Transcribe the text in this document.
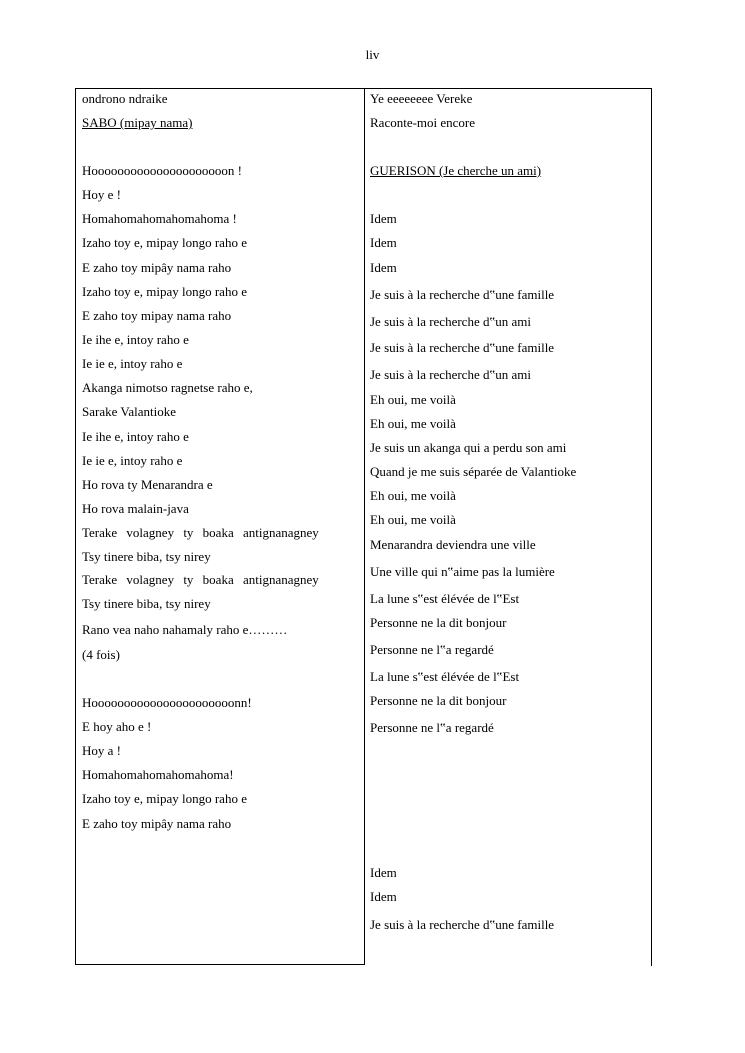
liv
ondrono ndraike
SABO (mipay nama)
Hooooooooooooooooooooon !
Hoy e !
Homahomahomahomahoma !
Izaho toy e, mipay longo raho e
E zaho toy mipây nama raho
Izaho toy e, mipay longo raho e
E zaho toy mipay nama raho
Ie ihe e, intoy raho e
Ie ie e, intoy raho e
Akanga nimotso ragnetse raho e,
Sarake Valantioke
Ie ihe e, intoy raho e
Ie ie e, intoy raho e
Ho rova ty Menarandra e
Ho rova malain-java
Terake volagney ty boaka antignanagney
Tsy tinere biba, tsy nirey
Terake volagney ty boaka antignanagney
Tsy tinere biba, tsy nirey
Rano vea naho nahamaly raho e………
(4 fois)
Hoooooooooooooooooooooonn!
E hoy aho e !
Hoy a !
Homahomahomahomahoma!
Izaho toy e, mipay longo raho e
E zaho toy mipây nama raho
Ye eeeeeeee Vereke
Raconte-moi encore
GUERISON (Je cherche un ami)
Idem
Idem
Idem
Je suis à la recherche d‟une famille
Je suis à la recherche d‟un ami
Je suis à la recherche d‟une famille
Je suis à la recherche d‟un ami
Eh oui, me voilà
Eh oui, me voilà
Je suis un akanga qui a perdu son ami
Quand je me suis séparée de Valantioke
Eh oui, me voilà
Eh oui, me voilà
Menarandra deviendra une ville
Une ville qui n‟aime pas la lumière
La lune s‟est élévée de l‟Est
Personne ne la dit bonjour
Personne ne l‟a regardé
La lune s‟est élévée de l‟Est
Personne ne la dit bonjour
Personne ne l‟a regardé
Idem
Idem
Je suis à la recherche d‟une famille
